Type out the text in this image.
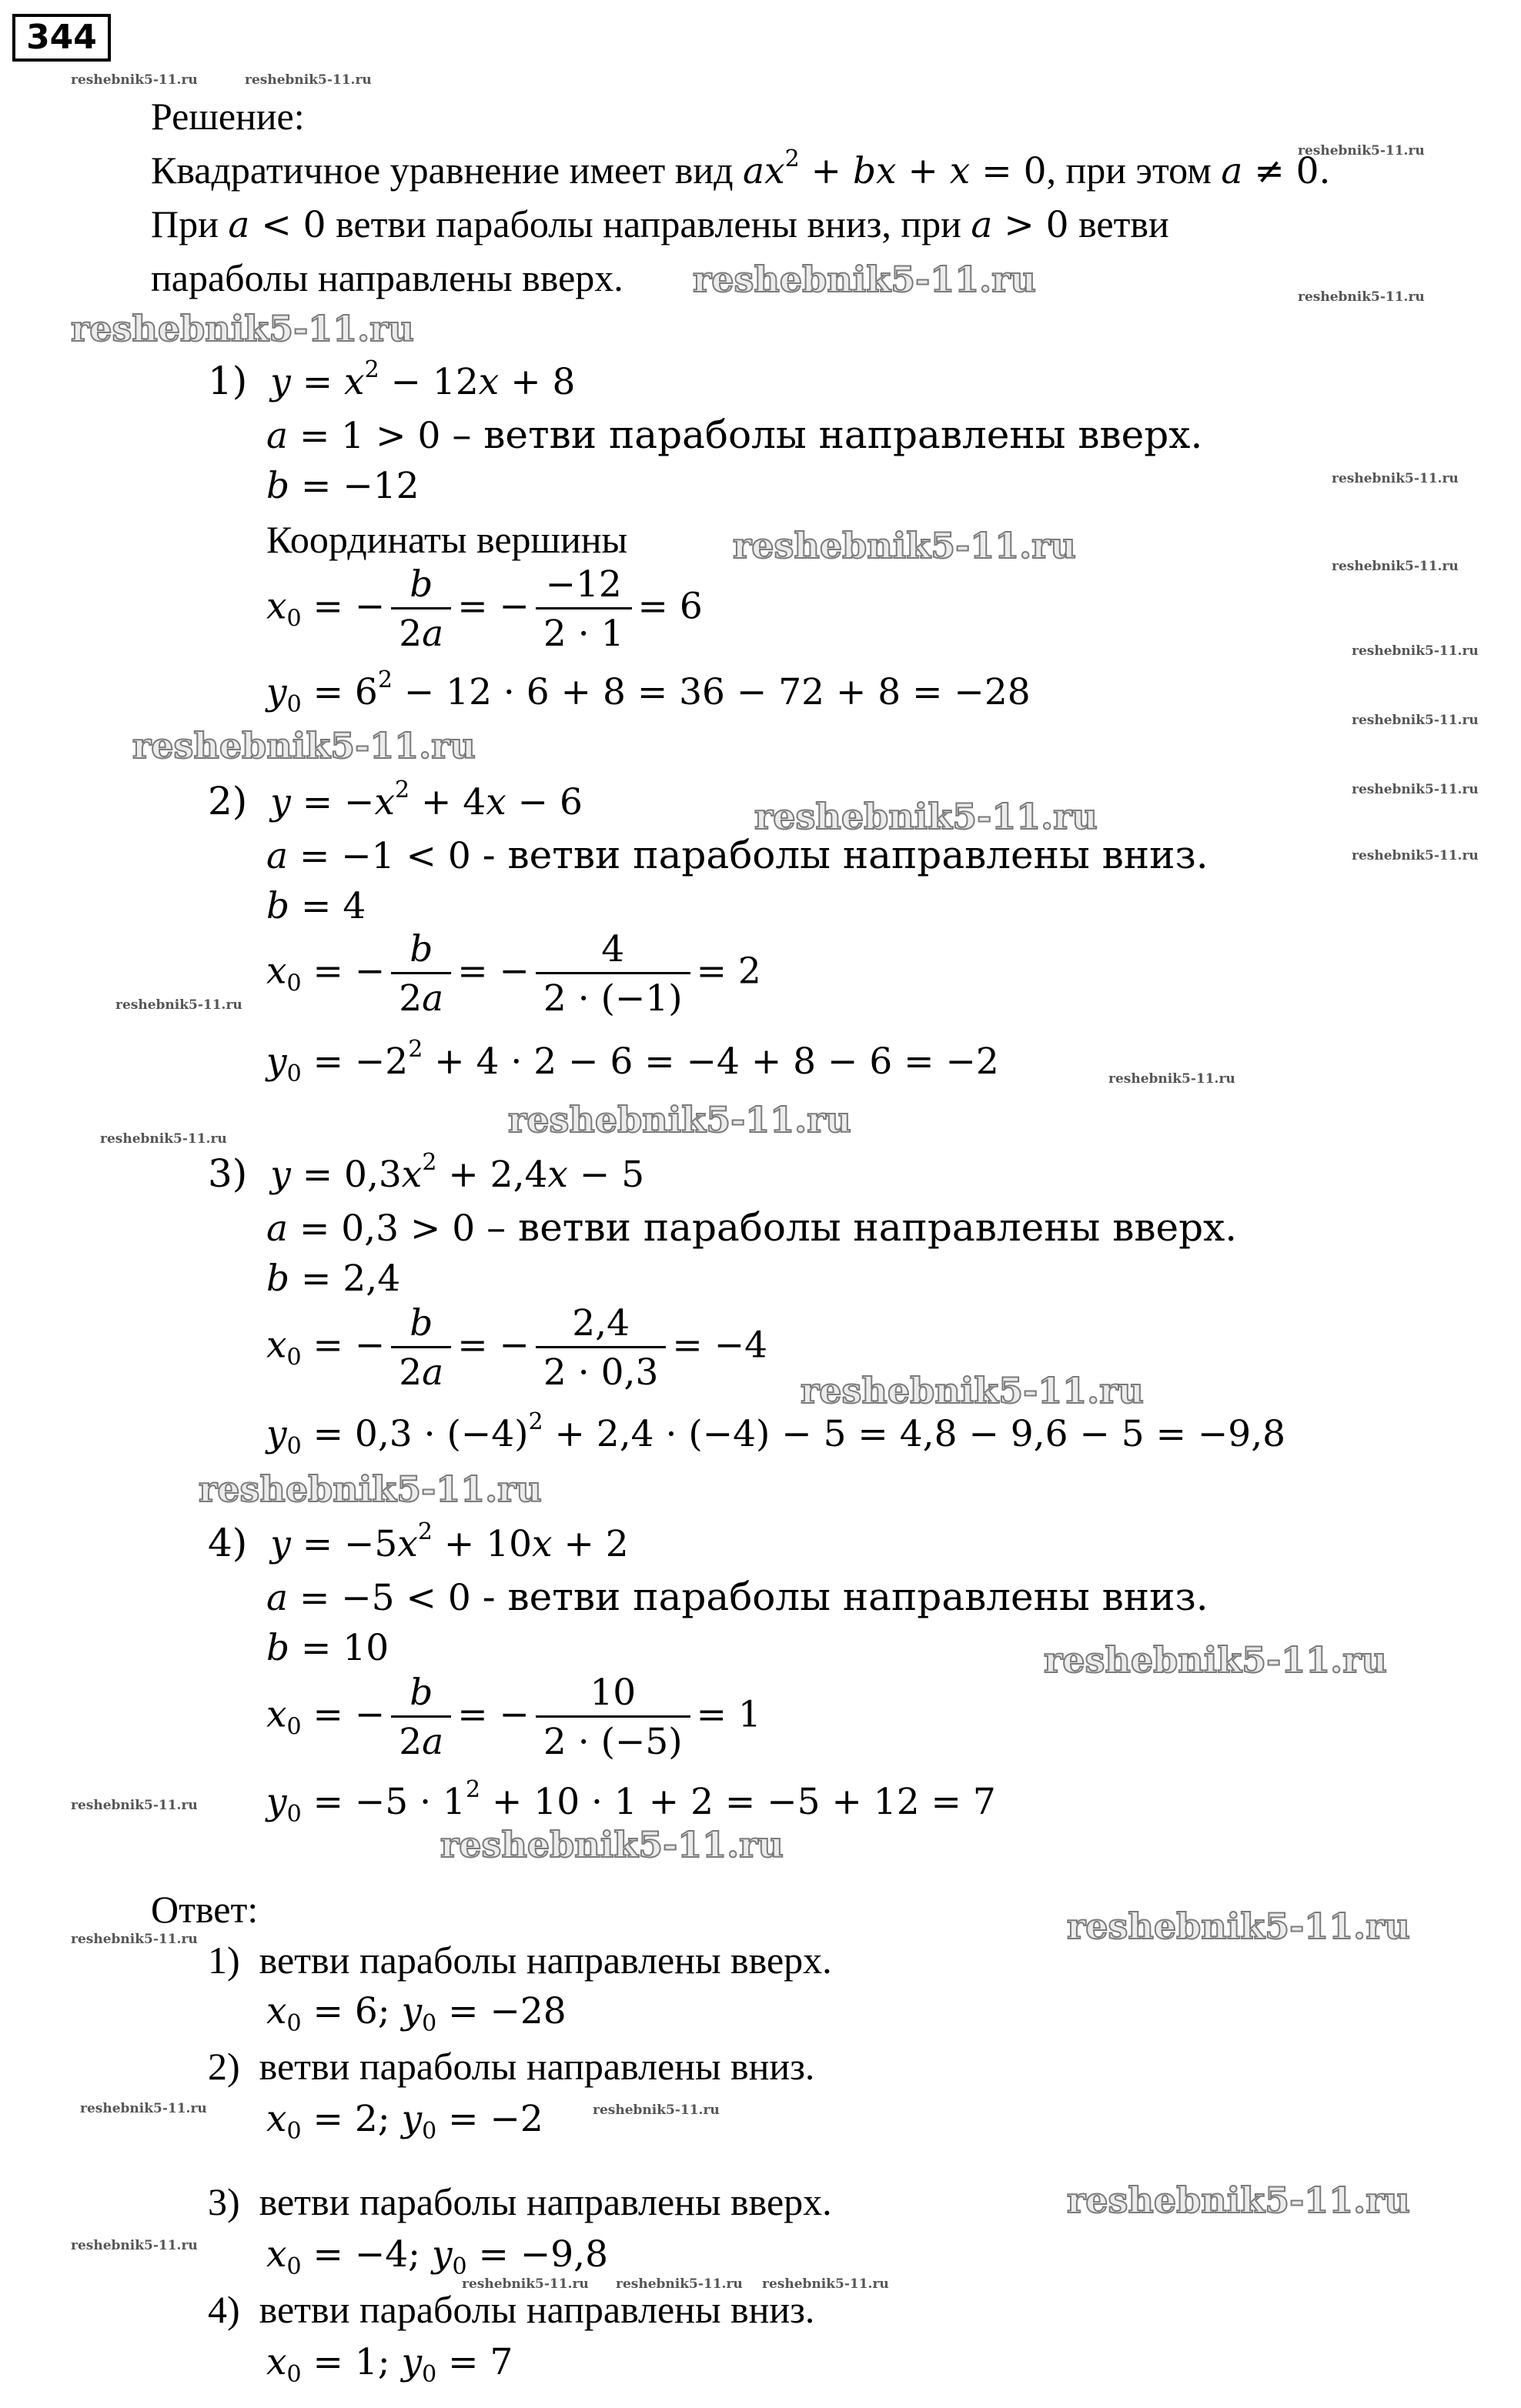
344
Решение:
Квадратичное уравнение имеет вид $ax^2$ + bx + x = 0, при этом a ≠ 0.
При a < 0 ветви параболы направлены вниз, при a > 0 ветви
параболы направлены вверх.
1) $y = x^2 - 12x + 8$
a = 1 > 0 – ветви параболы направлены вверх.
b = −12
Координаты вершины
$x_0$ = − $\frac{b}{2a}$ = − $\frac{-12}{2 \cdot 1} = 6$
$y_0 = 6^2 - 12 \cdot 6 + 8 = 36 - 72 + 8 = -28$
2) $y = -x^2 + 4x - 6$
a = −1 < 0 - ветви параболы направлены вниз.
b = 4
$x_0$ = − $\frac{b}{2a}$ = − $\frac{4}{2 \cdot (-1)} = 2$
$y_0 = -2^2 + 4 \cdot 2 - 6 = -4 + 8 - 6 = -2$
3) $y = 0,3x^2 + 2,4x - 5$
a = 0,3 > 0 – ветви параболы направлены вверх.
b = 2,4
$x_0$ = − $\frac{b}{2a}$ = − $\frac{2,4}{2 \cdot 0,3} = -4$
$y_0 = 0,3 \cdot (-4)^2 + 2,4 \cdot (-4) - 5 = 4,8 - 9,6 - 5 = -9,8$
4) $y = -5x^2 + 10x + 2$
a = −5 < 0 - ветви параболы направлены вниз.
b = 10
$x_0$ = − $\frac{b}{2a}$ = − $\frac{10}{2 \cdot (-5)} = 1$
$y_0 = -5 \cdot 1^2 + 10 \cdot 1 + 2 = -5 + 12 = 7$
Ответ:
1) ветви параболы направлены вверх.
$x_0 = 6$; $y_0 = -28$
2) ветви параболы направлены вниз.
$x_0 = 2$; $y_0 = -2$
3) ветви параболы направлены вверх.
$x_0 = -4$; $y_0 = -9,8$
4) ветви параболы направлены вниз.
$x_0 = 1$; $y_0 = 7$
reshebnik5-11.ru
reshebnik5-11.ru
reshebnik5-11.ru
reshebnik5-11.ru
reshebnik5-11.ru
reshebnik5-11.ru
reshebnik5-11.ru
reshebnik5-11.ru
reshebnik5-11.ru
reshebnik5-11.ru
reshebnik5-11.ru
reshebnik5-11.ru
reshebnik5-11.ru	reshebnik5-11.ru
reshebnik5-11.ru
reshebnik5-11.ru
reshebnik5-11.ru
reshebnik5-11.ru
reshebnik5-11.ru
reshebnik5-11.ru
reshebnik5-11.ru
reshebnik5-11.ru
reshebnik5-11.ru
reshebnik5-11.ru
reshebnik5-11.ru
reshebnik5-11.ru
reshebnik5-11.ru
reshebnik5-11.ru	reshebnik5-11.ru
reshebnik5-11.ru
reshebnik5-11.ru reshebnik5-11.ru reshebnik5-11.ru
